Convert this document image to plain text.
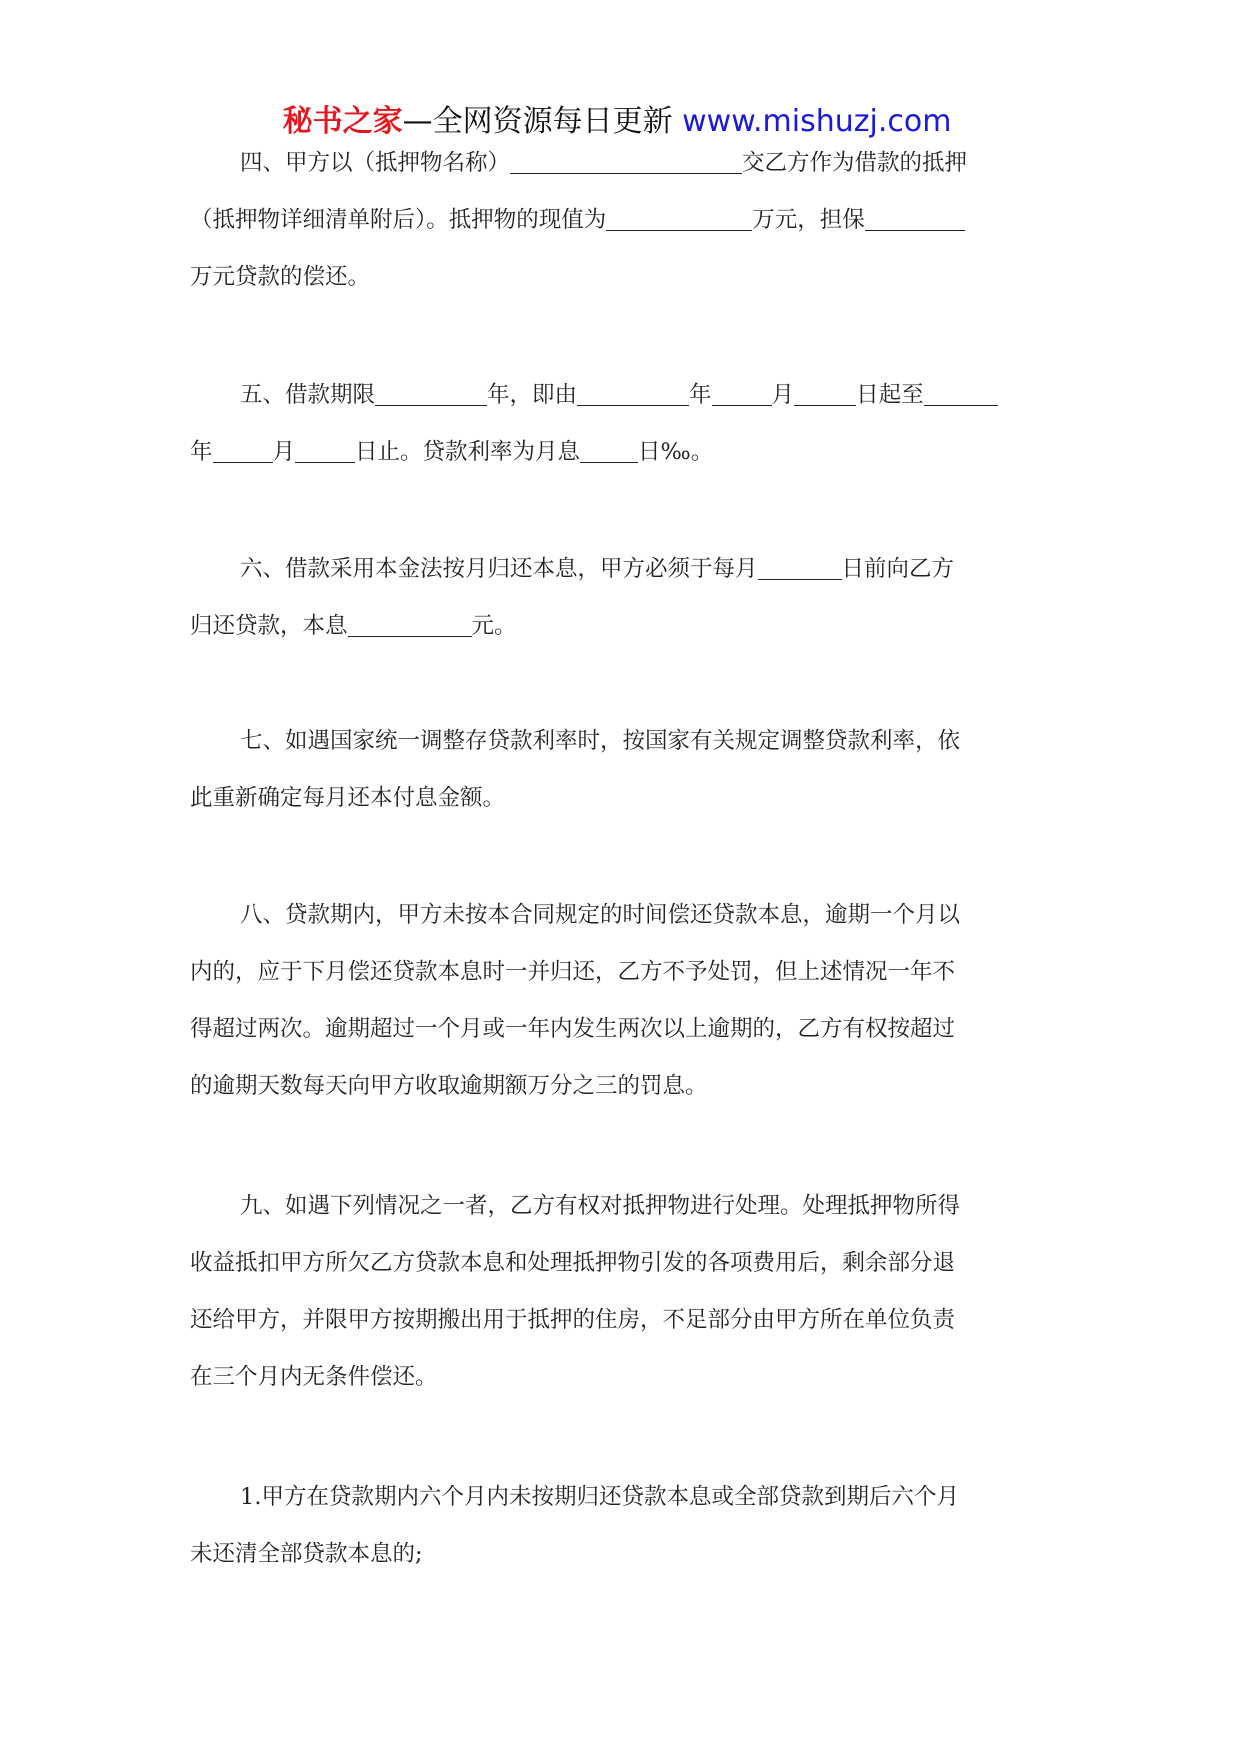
秘书之家—全网资源每日更新 www.mishuzj.com
四、甲方以（抵押物名称）	交乙方作为借款的抵押
（抵押物详细清单附后）。抵押物的现值为	万元，担保
万元贷款的偿还。
五、借款期限	年，即由	年	月	日起至
年	月	日止。贷款利率为月息	日‰。
六、借款采用本金法按月归还本息，甲方必须于每月	日前向乙方
归还贷款，本息	元。
七、如遇国家统一调整存贷款利率时，按国家有关规定调整贷款利率，依
此重新确定每月还本付息金额。
八、贷款期内，甲方未按本合同规定的时间偿还贷款本息，逾期一个月以
内的，应于下月偿还贷款本息时一并归还，乙方不予处罚，但上述情况一年不
得超过两次。逾期超过一个月或一年内发生两次以上逾期的，乙方有权按超过
的逾期天数每天向甲方收取逾期额万分之三的罚息。
九、如遇下列情况之一者，乙方有权对抵押物进行处理。处理抵押物所得
收益抵扣甲方所欠乙方贷款本息和处理抵押物引发的各项费用后，剩余部分退
还给甲方，并限甲方按期搬出用于抵押的住房，不足部分由甲方所在单位负责
在三个月内无条件偿还。
1.甲方在贷款期内六个月内未按期归还贷款本息或全部贷款到期后六个月
未还清全部贷款本息的;
